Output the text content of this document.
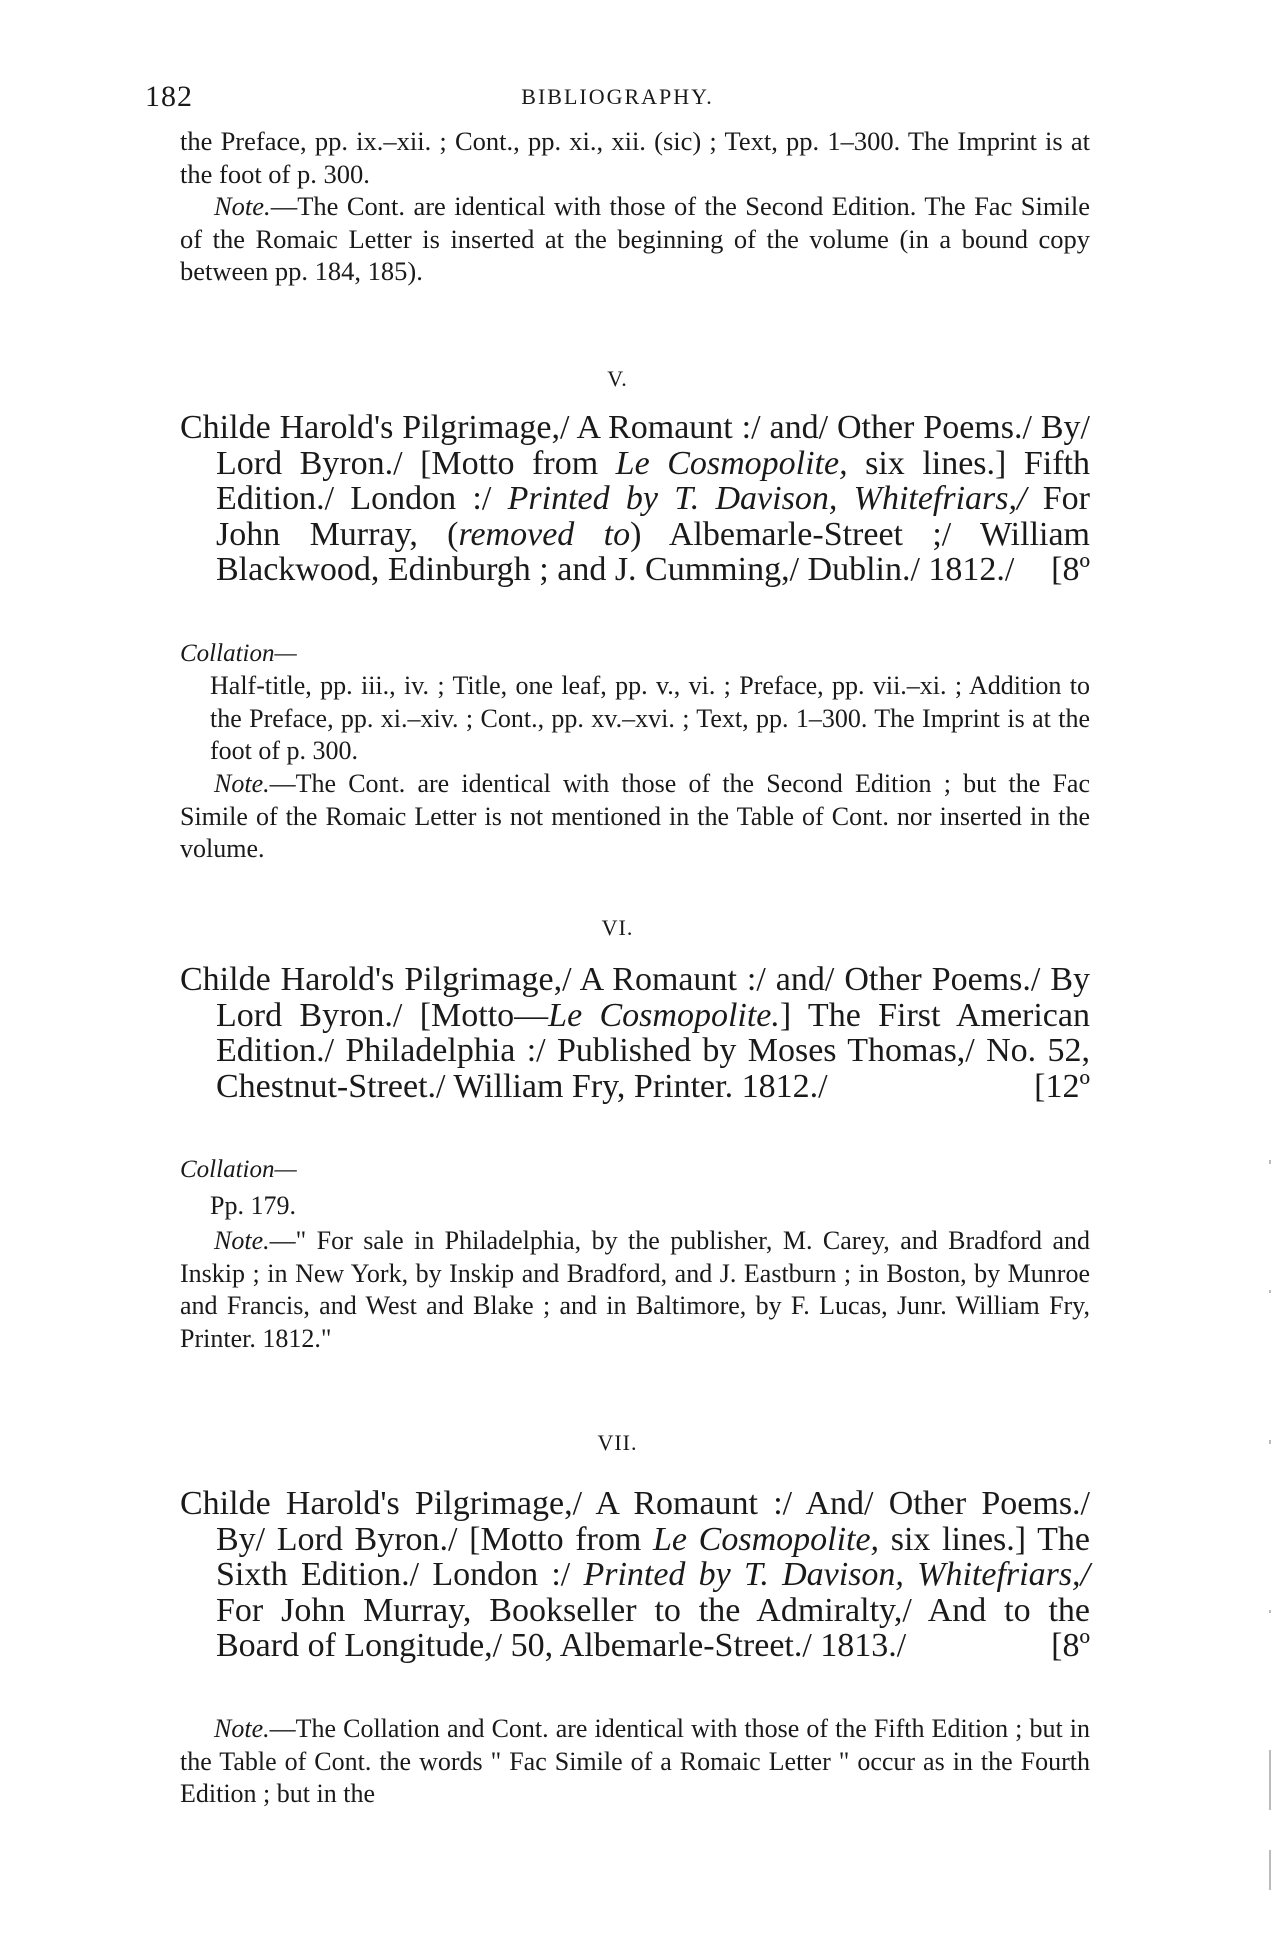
182	BIBLIOGRAPHY.

the Preface, pp. ix.–xii. ; Cont., pp. xi., xii. (sic) ; Text, pp. 1–300. The Imprint is at the foot of p. 300.

Note.—The Cont. are identical with those of the Second Edition. The Fac Simile of the Romaic Letter is inserted at the beginning of the volume (in a bound copy between pp. 184, 185).

V.
Childe Harold's Pilgrimage,/ A Romaunt :/ and/ Other Poems./ By/ Lord Byron./ [Motto from Le Cosmopolite, six lines.] Fifth Edition./ London :/ Printed by T. Davison, Whitefriars,/ For John Murray, (removed to) Albemarle-Street ;/ William Blackwood, Edinburgh ; and J. Cumming,/ Dublin./ 1812./ [8º
Collation—

Half-title, pp. iii., iv. ; Title, one leaf, pp. v., vi. ; Preface, pp. vii.–xi. ; Addition to the Preface, pp. xi.–xiv. ; Cont., pp. xv.–xvi. ; Text, pp. 1–300. The Imprint is at the foot of p. 300.

Note.—The Cont. are identical with those of the Second Edition ; but the Fac Simile of the Romaic Letter is not mentioned in the Table of Cont. nor inserted in the volume.

VI.
Childe Harold's Pilgrimage,/ A Romaunt :/ and/ Other Poems./ By Lord Byron./ [Motto—Le Cosmopolite.] The First American Edition./ Philadelphia :/ Published by Moses Thomas,/ No. 52, Chestnut-Street./ William Fry, Printer. 1812./	[12º
Collation—

Pp. 179.

Note.—" For sale in Philadelphia, by the publisher, M. Carey, and Bradford and Inskip ; in New York, by Inskip and Bradford, and J. Eastburn ; in Boston, by Munroe and Francis, and West and Blake ; and in Baltimore, by F. Lucas, Junr. William Fry, Printer. 1812."

VII.
Childe Harold's Pilgrimage,/ A Romaunt :/ And/ Other Poems./ By/ Lord Byron./ [Motto from Le Cosmopolite, six lines.] The Sixth Edition./ London :/ Printed by T. Davison, Whitefriars,/ For John Murray, Bookseller to the Admiralty,/ And to the Board of Longitude,/ 50, Albemarle-Street./ 1813./	[8º

Note.—The Collation and Cont. are identical with those of the Fifth Edition ; but in the Table of Cont. the words " Fac Simile of a Romaic Letter " occur as in the Fourth Edition ; but in the
